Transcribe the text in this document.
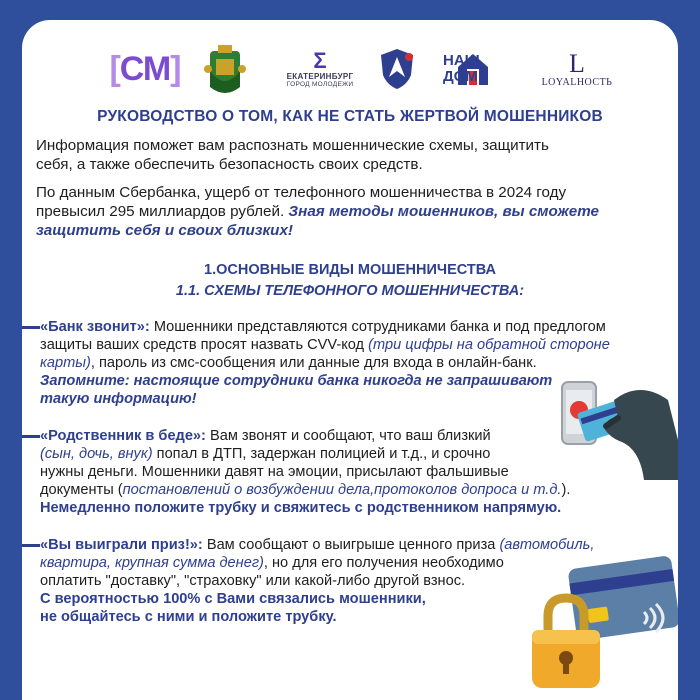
[ СМ ]	Ʃ
ЕКАТЕРИНБУРГ
ГОРОД МОЛОДЕЖИ
НАШ
ДОМ	L
LOYALНОСТЬ
РУКОВОДСТВО О ТОМ, КАК НЕ СТАТЬ ЖЕРТВОЙ МОШЕННИКОВ
Информация поможет вам распознать мошеннические схемы, защитить
себя, а также обеспечить безопасность своих средств.
По данным Сбербанка, ущерб от телефонного мошенничества в 2024 году
превысил 295 миллиардов рублей. Зная методы мошенников, вы сможете
защитить себя и своих близких!
1.ОСНОВНЫЕ ВИДЫ МОШЕННИЧЕСТВА
1.1. СХЕМЫ ТЕЛЕФОННОГО МОШЕННИЧЕСТВА:
«Банк звонит»: Мошенники представляются сотрудниками банка и под предлогом
защиты ваших средств просят назвать CVV-код (три цифры на обратной стороне
карты), пароль из смс-сообщения или данные для входа в онлайн-банк.
Запомните: настоящие сотрудники банка никогда не запрашивают
такую информацию!
«Родственник в беде»: Вам звонят и сообщают, что ваш близкий
(сын, дочь, внук) попал в ДТП, задержан полицией и т.д., и срочно
нужны деньги. Мошенники давят на эмоции, присылают фальшивые
документы (постановлений о возбуждении дела,протоколов допроса и т.д.).
Немедленно положите трубку и свяжитесь с родственником напрямую.
«Вы выиграли приз!»: Вам сообщают о выигрыше ценного приза (автомобиль,
квартира, крупная сумма денег), но для его получения необходимо
оплатить "доставку", "страховку" или какой-либо другой взнос.
С вероятностью 100% с Вами связались мошенники,
не общайтесь с ними и положите трубку.
